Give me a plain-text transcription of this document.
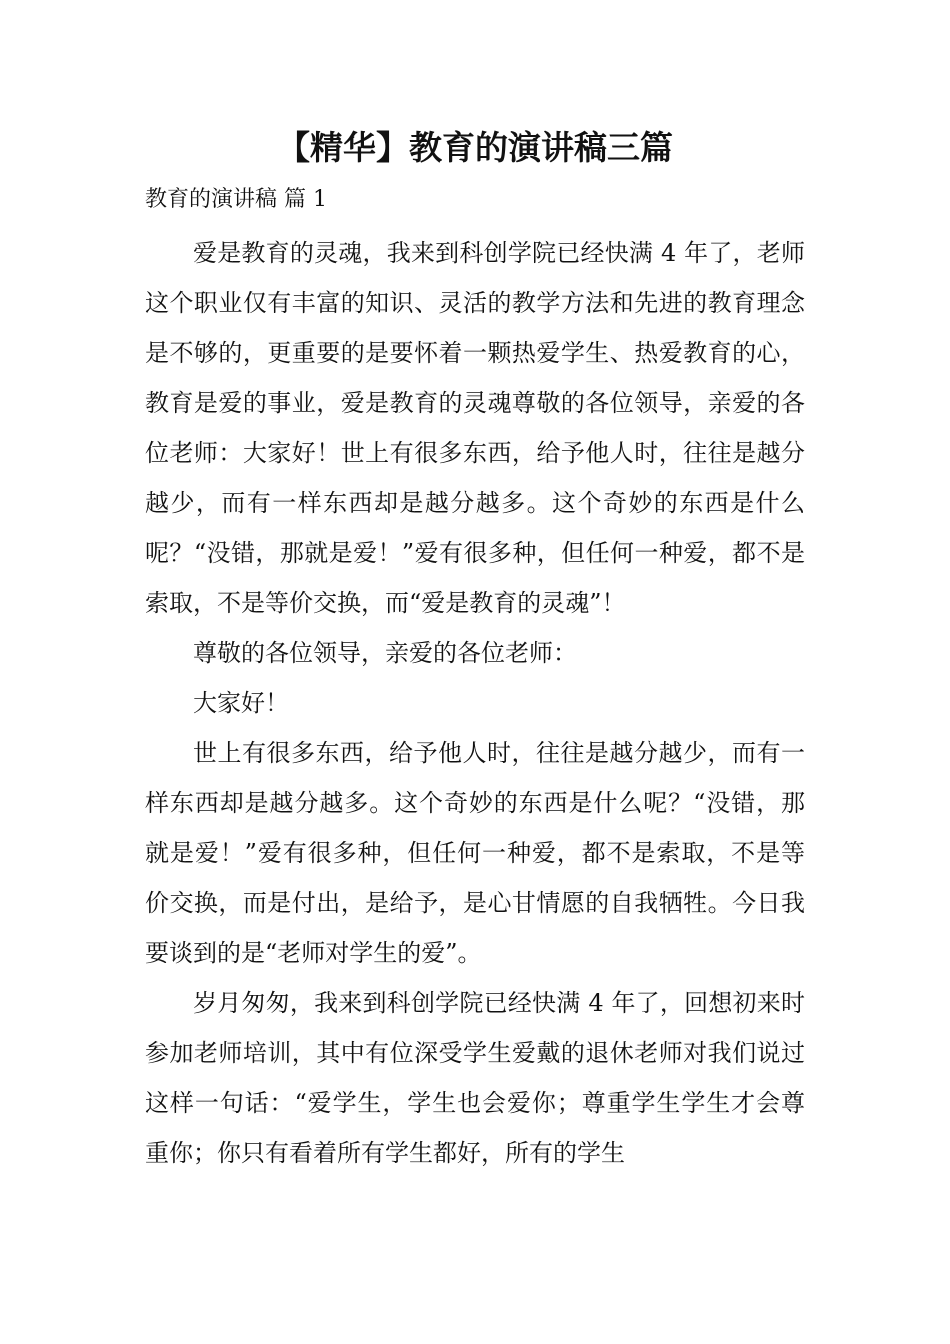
【精华】教育的演讲稿三篇
教育的演讲稿 篇 1

爱是教育的灵魂，我来到科创学院已经快满 4 年了，老师这个职业仅有丰富的知识、灵活的教学方法和先进的教育理念是不够的，更重要的是要怀着一颗热爱学生、热爱教育的心，教育是爱的事业，爱是教育的灵魂尊敬的各位领导，亲爱的各位老师：大家好！世上有很多东西，给予他人时，往往是越分越少，而有一样东西却是越分越多。这个奇妙的东西是什么呢？“没错，那就是爱！”爱有很多种，但任何一种爱，都不是索取，不是等价交换，而“爱是教育的灵魂”！

尊敬的各位领导，亲爱的各位老师：

大家好！

世上有很多东西，给予他人时，往往是越分越少，而有一样东西却是越分越多。这个奇妙的东西是什么呢？“没错，那就是爱！”爱有很多种，但任何一种爱，都不是索取，不是等价交换，而是付出，是给予，是心甘情愿的自我牺牲。今日我要谈到的是“老师对学生的爱”。

岁月匆匆，我来到科创学院已经快满 4 年了，回想初来时参加老师培训，其中有位深受学生爱戴的退休老师对我们说过这样一句话：“爱学生，学生也会爱你；尊重学生学生才会尊重你；你只有看着所有学生都好，所有的学生
